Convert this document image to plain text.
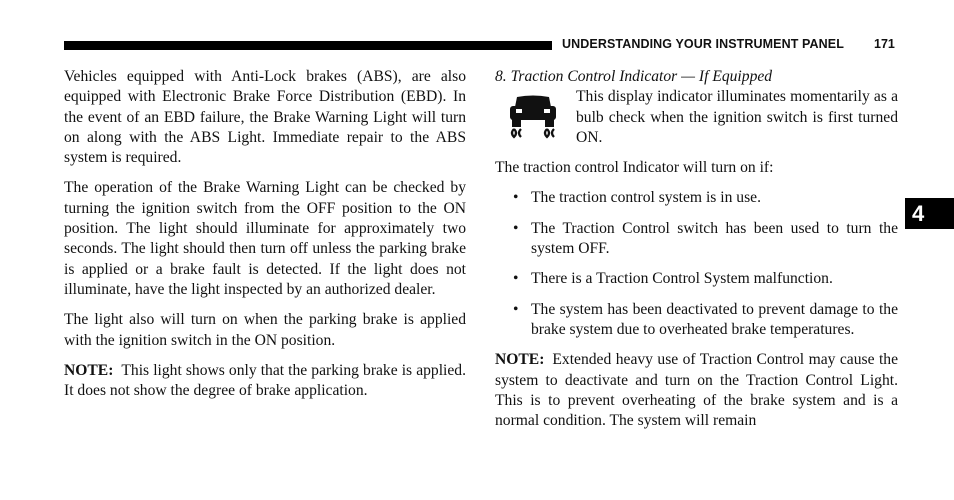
UNDERSTANDING YOUR INSTRUMENT PANEL 171

Vehicles equipped with Anti-Lock brakes (ABS), are also equipped with Electronic Brake Force Distribution (EBD). In the event of an EBD failure, the Brake Warning Light will turn on along with the ABS Light. Immediate repair to the ABS system is required.

The operation of the Brake Warning Light can be checked by turning the ignition switch from the OFF position to the ON position. The light should illuminate for approximately two seconds. The light should then turn off unless the parking brake is applied or a brake fault is detected. If the light does not illuminate, have the light inspected by an authorized dealer.

The light also will turn on when the parking brake is applied with the ignition switch in the ON position.

NOTE: This light shows only that the parking brake is applied. It does not show the degree of brake application.

8. Traction Control Indicator — If Equipped

This display indicator illuminates momentarily as a bulb check when the ignition switch is first turned ON.

The traction control Indicator will turn on if:

• The traction control system is in use.
• The Traction Control switch has been used to turn the system OFF.
• There is a Traction Control System malfunction.
• The system has been deactivated to prevent damage to the brake system due to overheated brake temperatures.

NOTE: Extended heavy use of Traction Control may cause the system to deactivate and turn on the Traction Control Light. This is to prevent overheating of the brake system and is a normal condition. The system will remain

4
